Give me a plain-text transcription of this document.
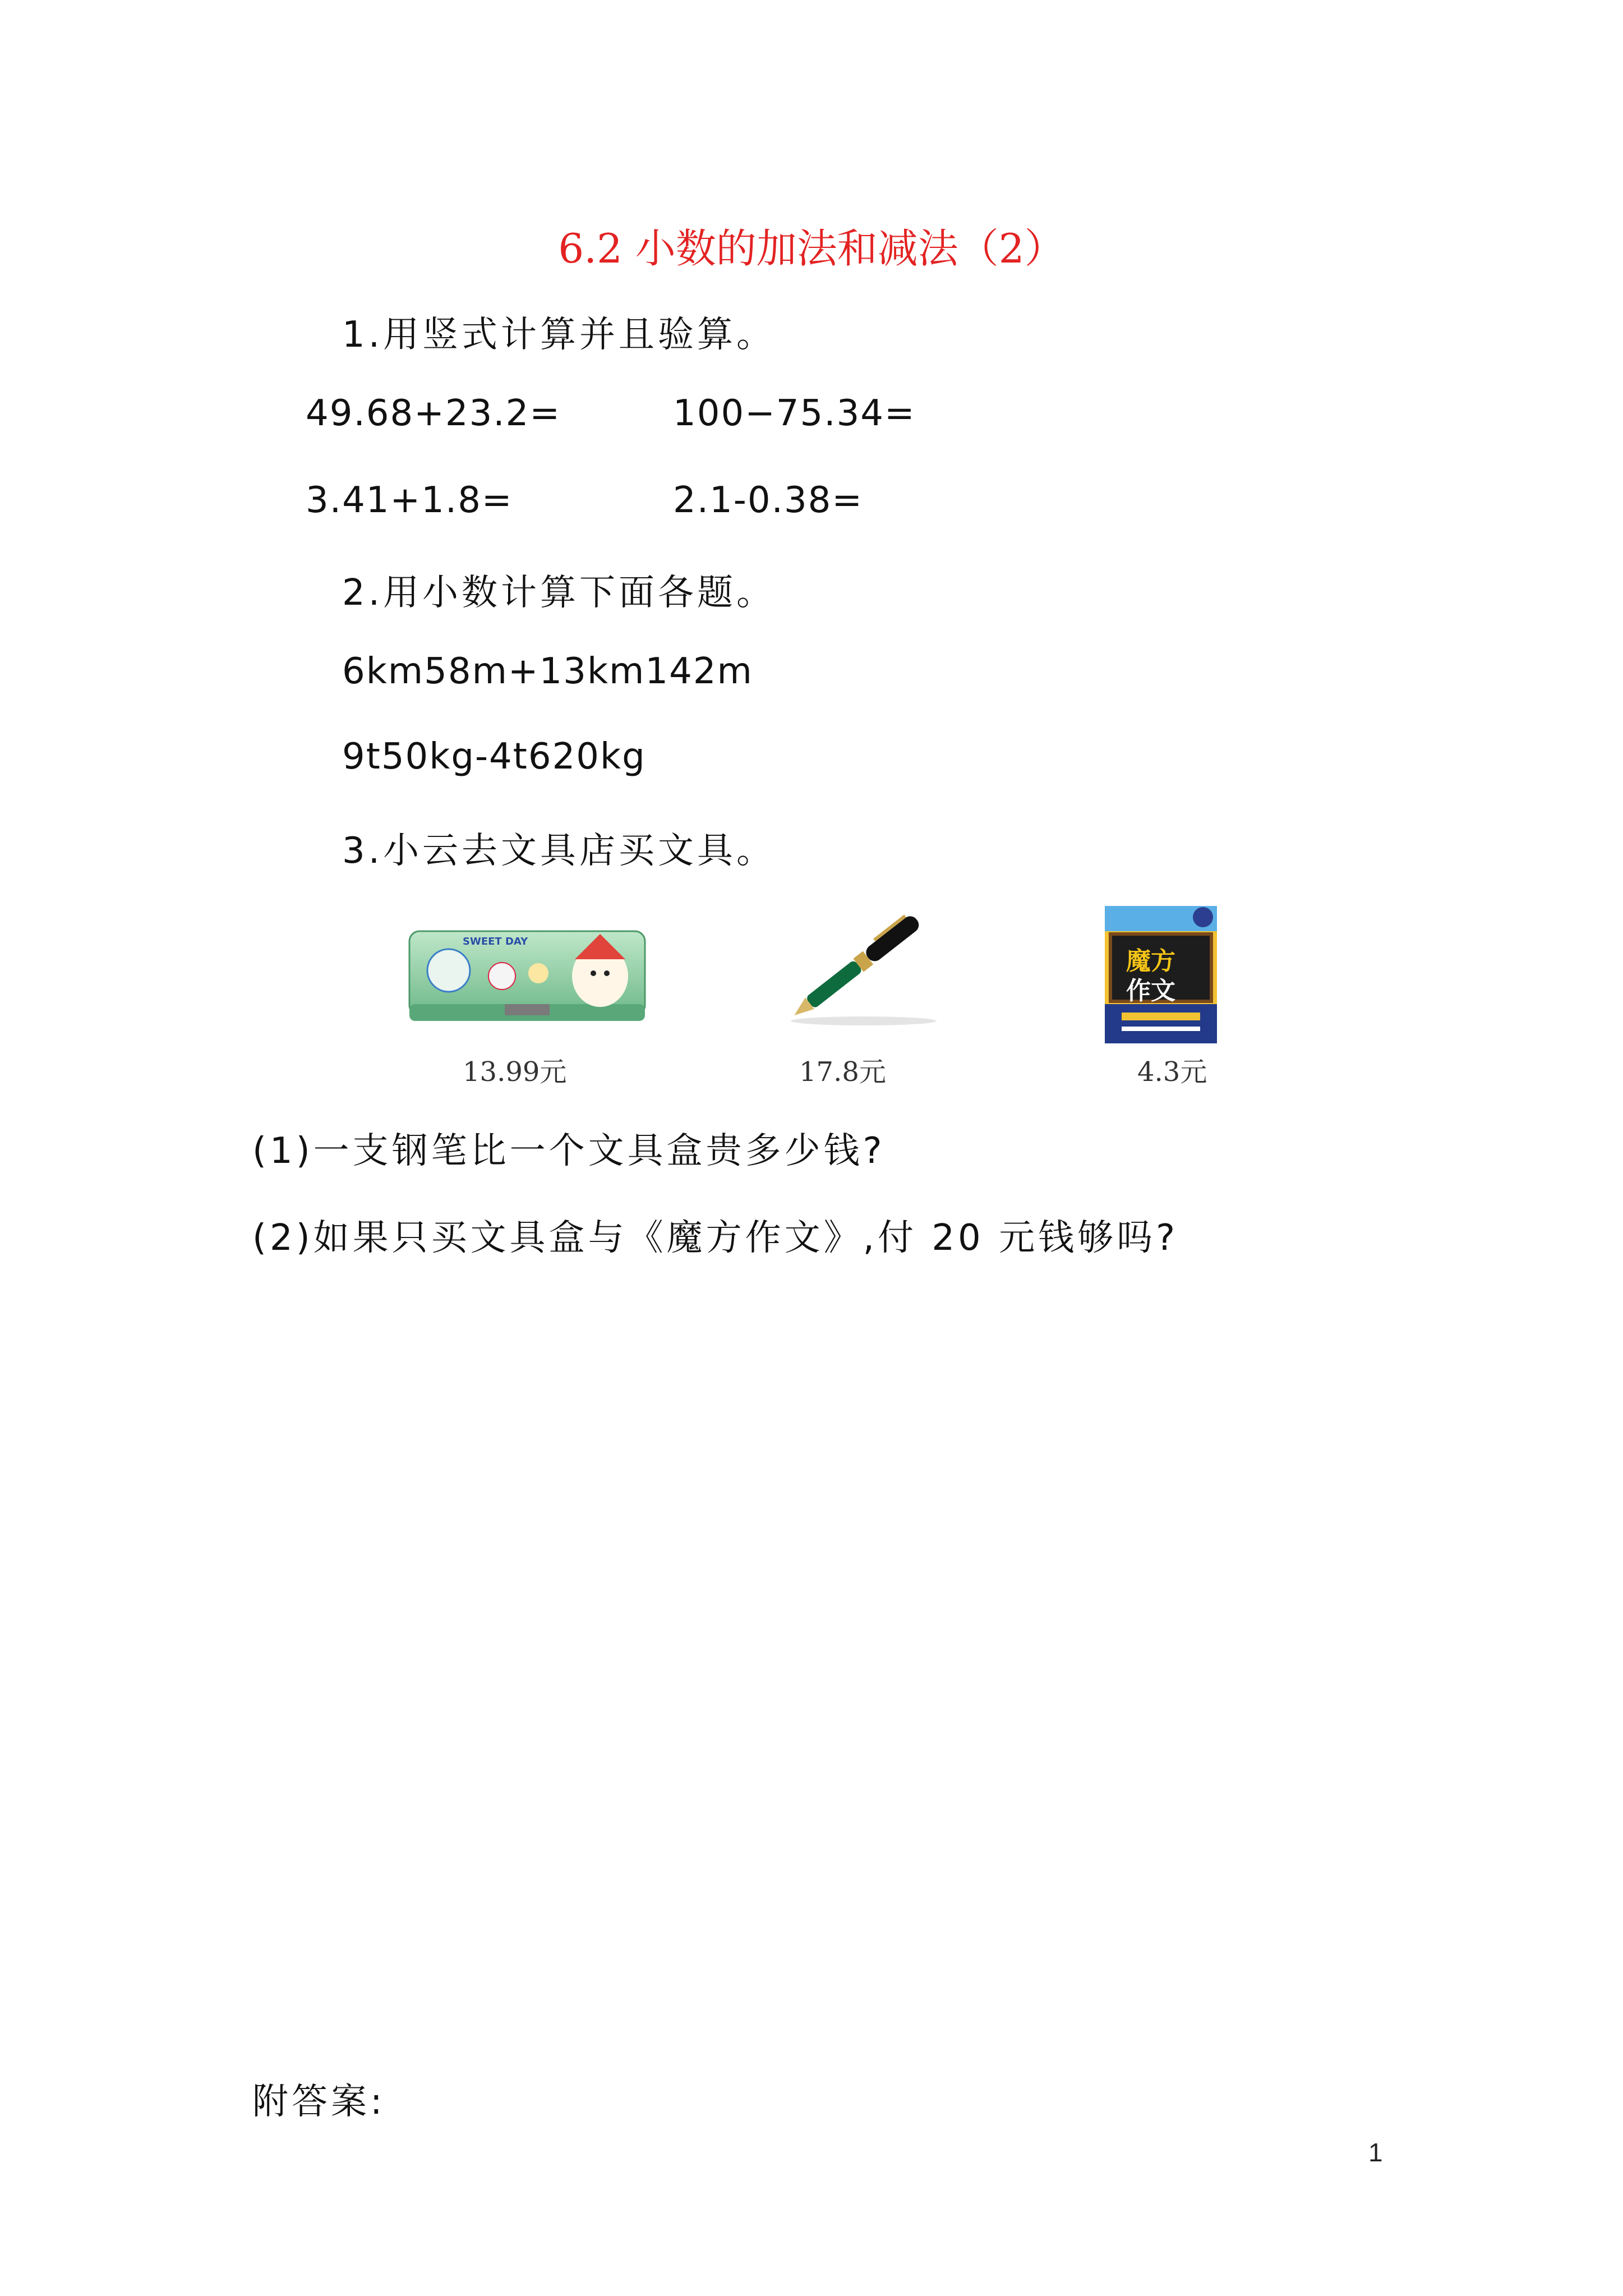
6.2 小数的加法和减法（2）
1.用竖式计算并且验算。
49.68+23.2=	100−75.34=
3.41+1.8=	2.1-0.38=
2.用小数计算下面各题。
6km58m+13km142m
9t50kg-4t620kg
3.小云去文具店买文具。
SWEET DAY
13.99元	17.8元
魔方
作文
4.3元
(1)一支钢笔比一个文具盒贵多少钱?
(2)如果只买文具盒与《魔方作文》,付 20 元钱够吗?
附答案:
1
